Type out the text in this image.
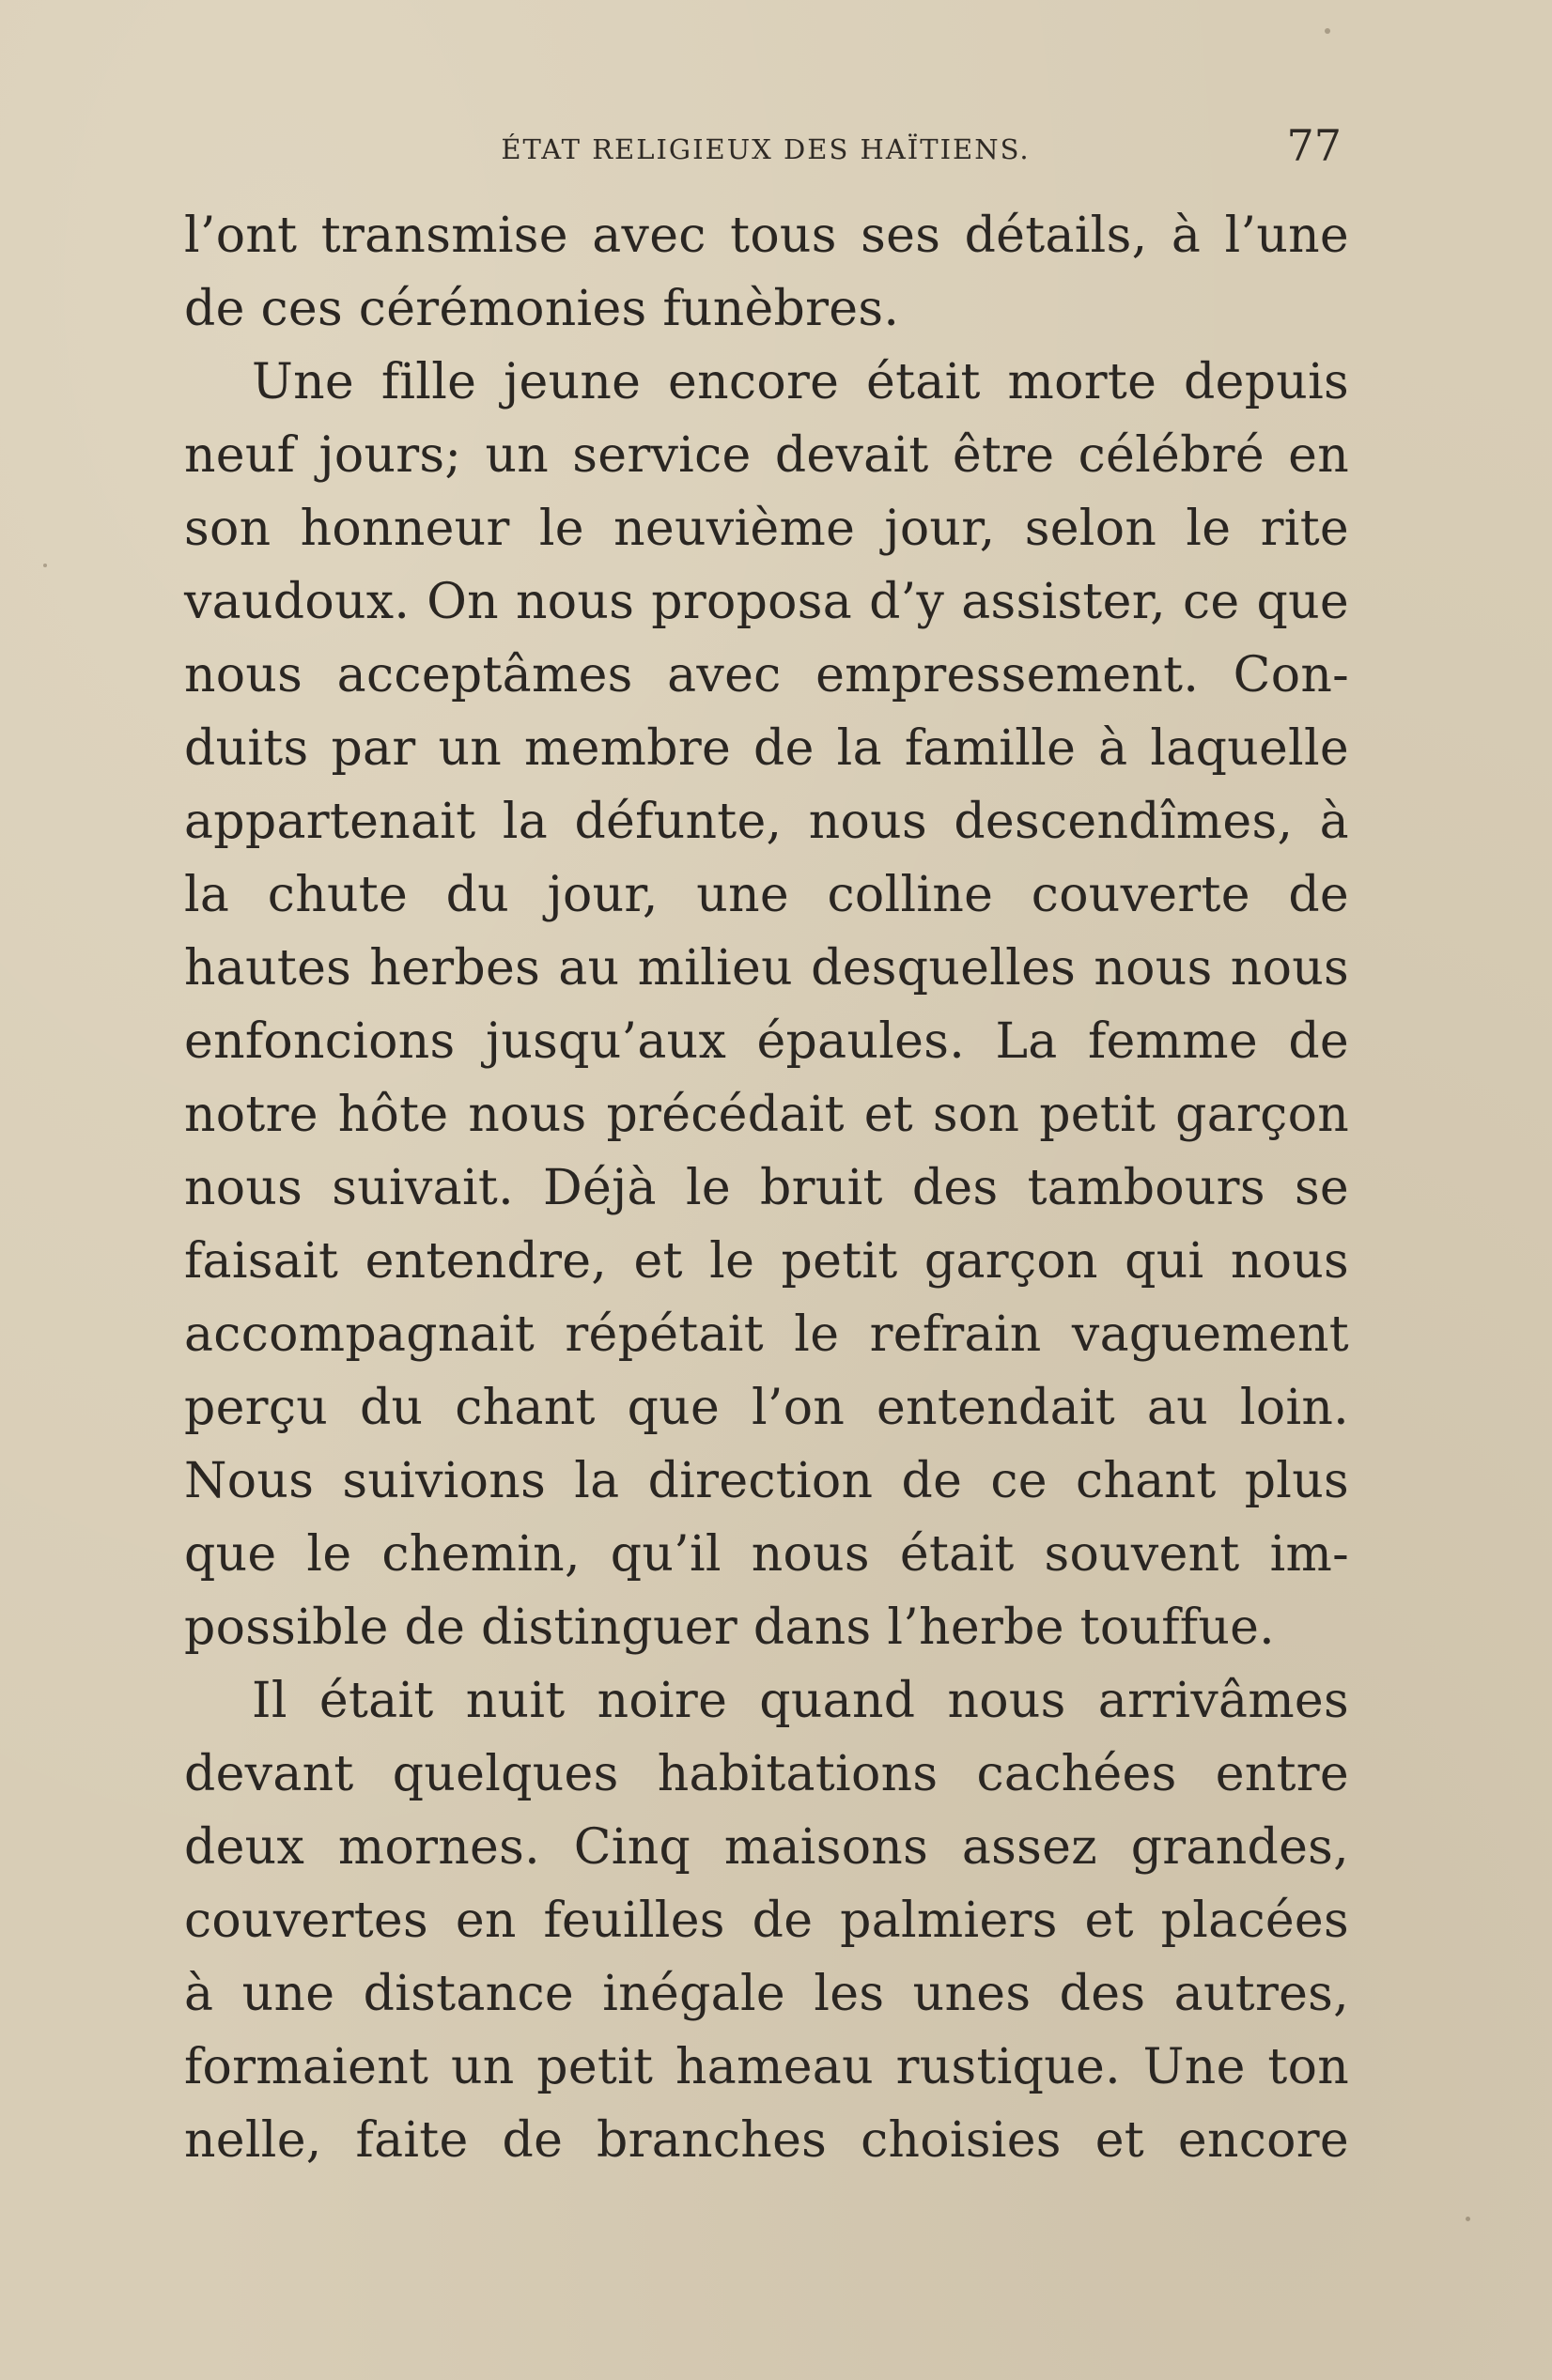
ÉTAT RELIGIEUX DES HAÏTIENS.	77
l’ont transmise avec tous ses détails, à l’une
de ces cérémonies funèbres.
Une fille jeune encore était morte depuis
neuf jours; un service devait être célébré en
son honneur le neuvième jour, selon le rite
vaudoux. On nous proposa d’y assister, ce que
nous acceptâmes avec empressement. Con-
duits par un membre de la famille à laquelle
appartenait la défunte, nous descendîmes, à
la chute du jour, une colline couverte de
hautes herbes au milieu desquelles nous nous
enfoncions jusqu’aux épaules. La femme de
notre hôte nous précédait et son petit garçon
nous suivait. Déjà le bruit des tambours se
faisait entendre, et le petit garçon qui nous
accompagnait répétait le refrain vaguement
perçu du chant que l’on entendait au loin.
Nous suivions la direction de ce chant plus
que le chemin, qu’il nous était souvent im-
possible de distinguer dans l’herbe touffue.
Il était nuit noire quand nous arrivâmes
devant quelques habitations cachées entre
deux mornes. Cinq maisons assez grandes,
couvertes en feuilles de palmiers et placées
à une distance inégale les unes des autres,
formaient un petit hameau rustique. Une ton
nelle, faite de branches choisies et encore
